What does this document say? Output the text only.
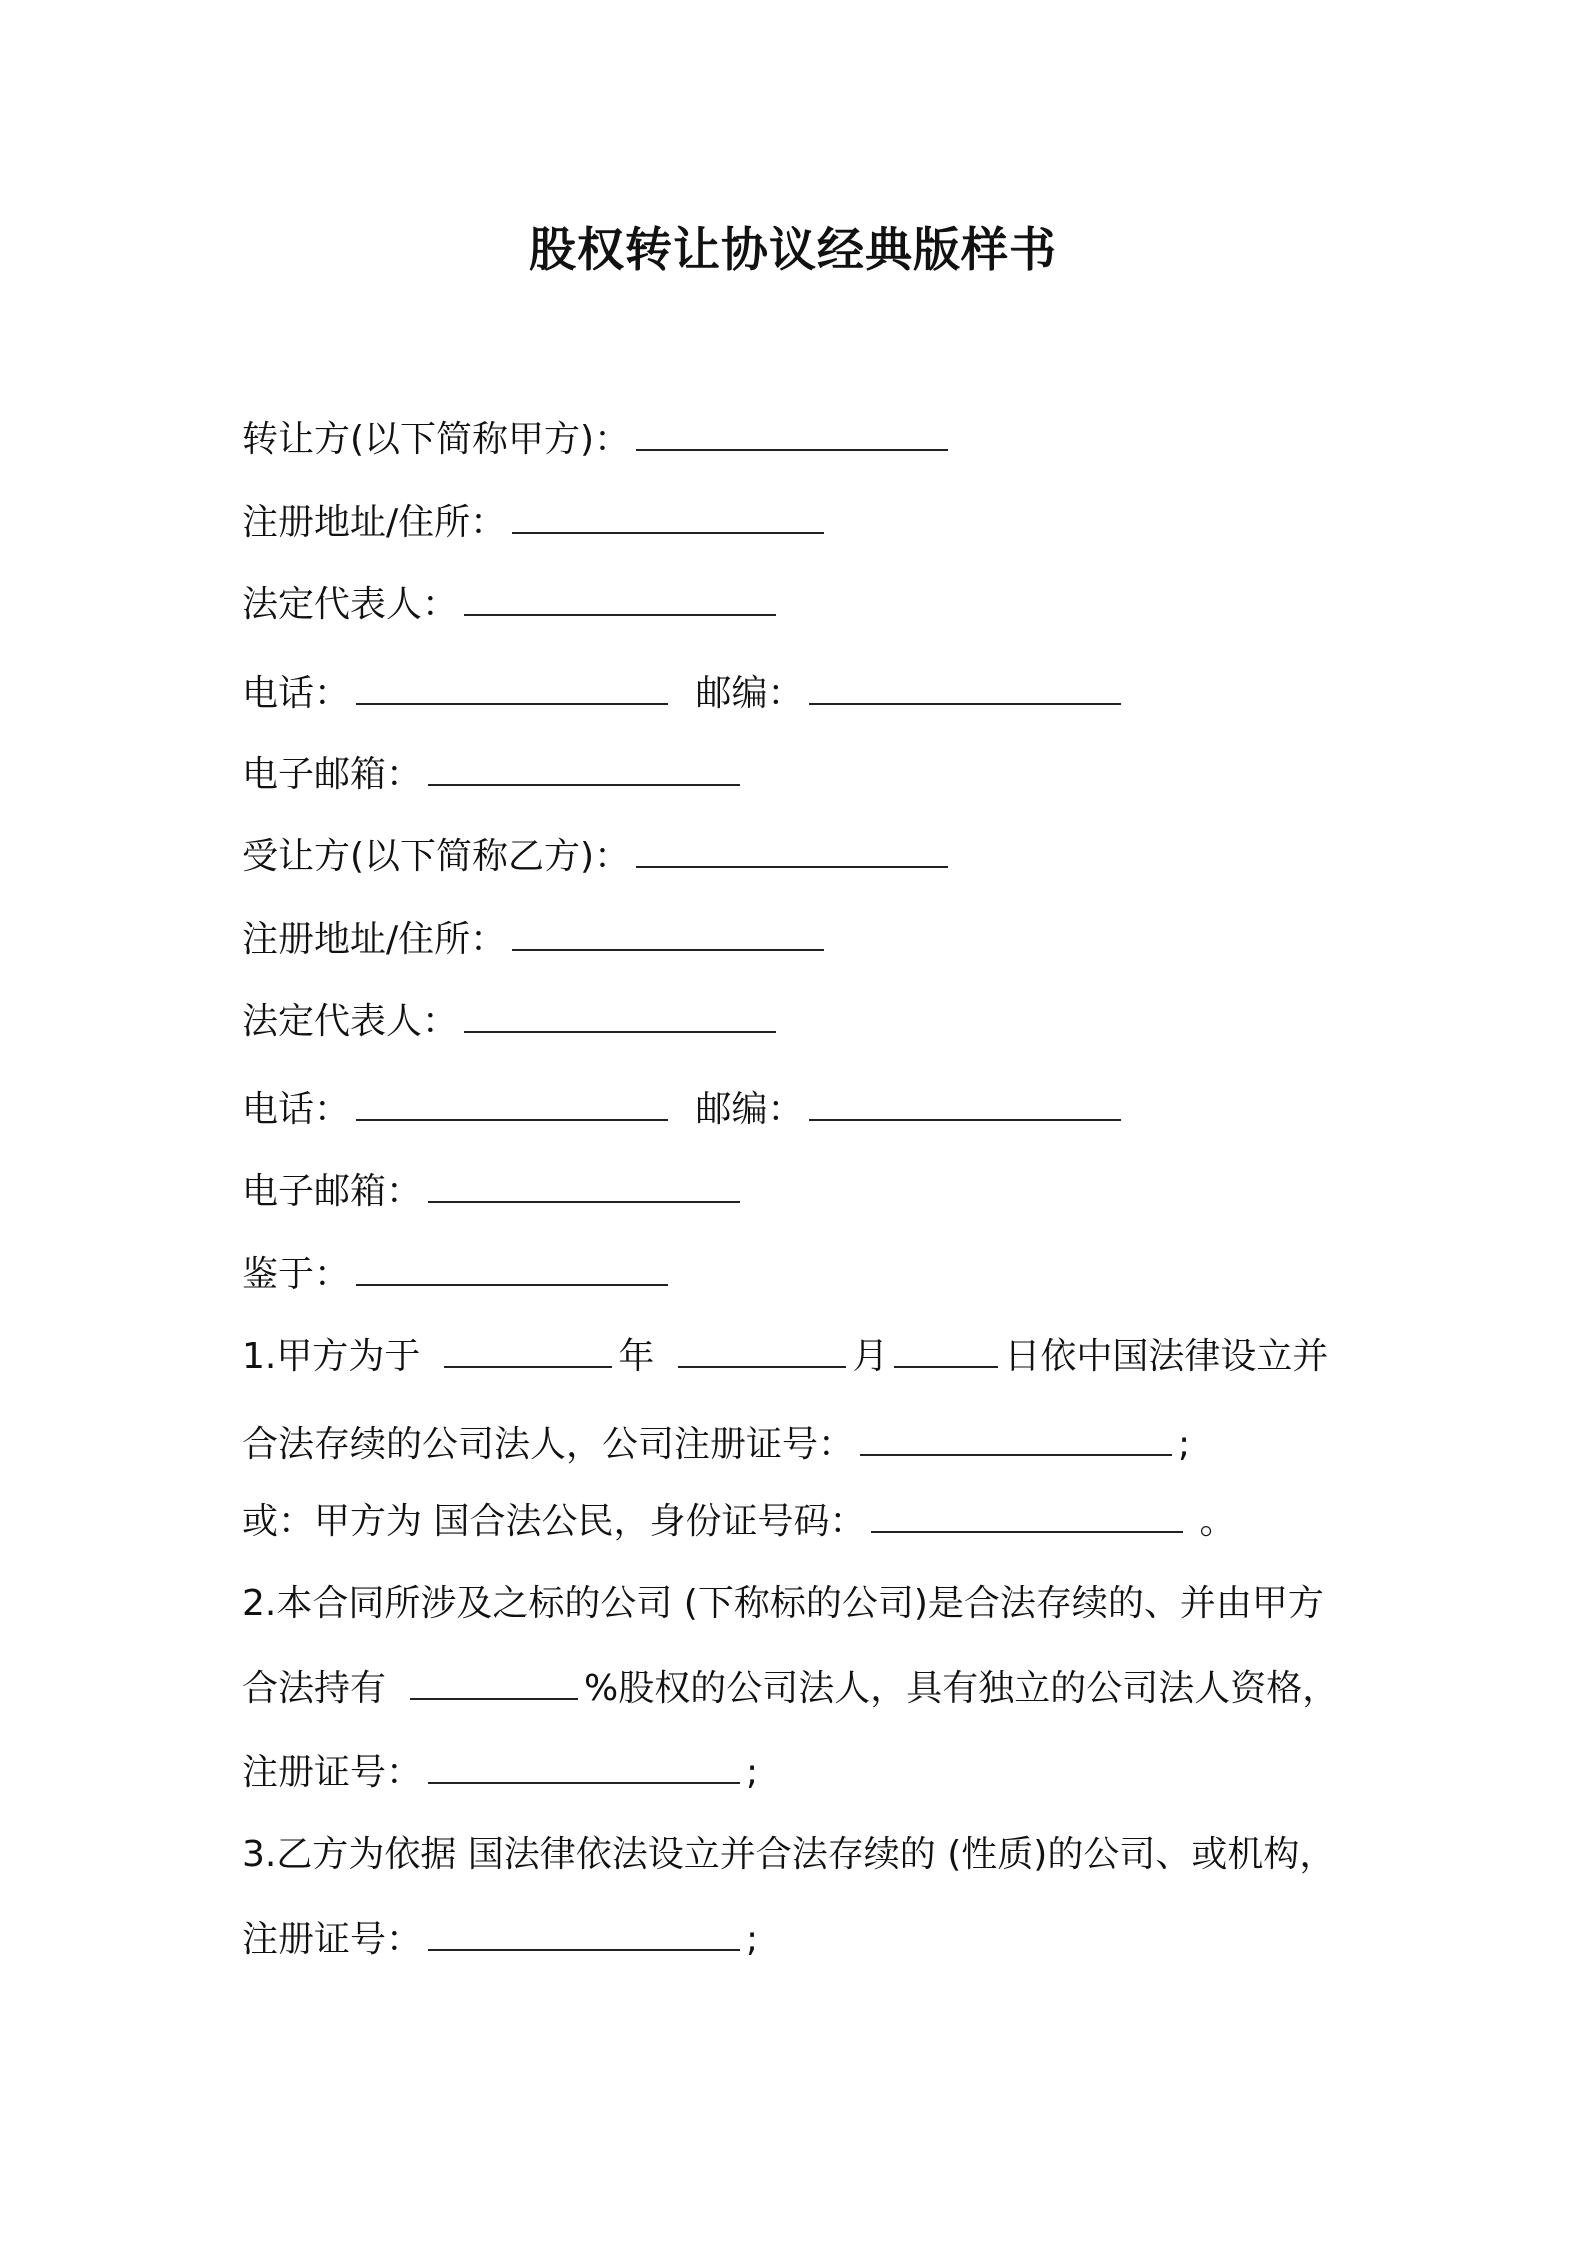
股权转让协议经典版样书
转让方(以下简称甲方)：
注册地址/住所：
法定代表人：
电话：	邮编：
电子邮箱：
受让方(以下简称乙方)：
注册地址/住所：
法定代表人：
电话：	邮编：
电子邮箱：
鉴于：
1.甲方为于	年	月	日依中国法律设立并
合法存续的公司法人，公司注册证号：	;
或：甲方为 国合法公民，身份证号码：	。
2.本合同所涉及之标的公司 (下称标的公司)是合法存续的、并由甲方
合法持有	%股权的公司法人，具有独立的公司法人资格，
注册证号：	;
3.乙方为依据 国法律依法设立并合法存续的 (性质)的公司、或机构，
注册证号：	;
